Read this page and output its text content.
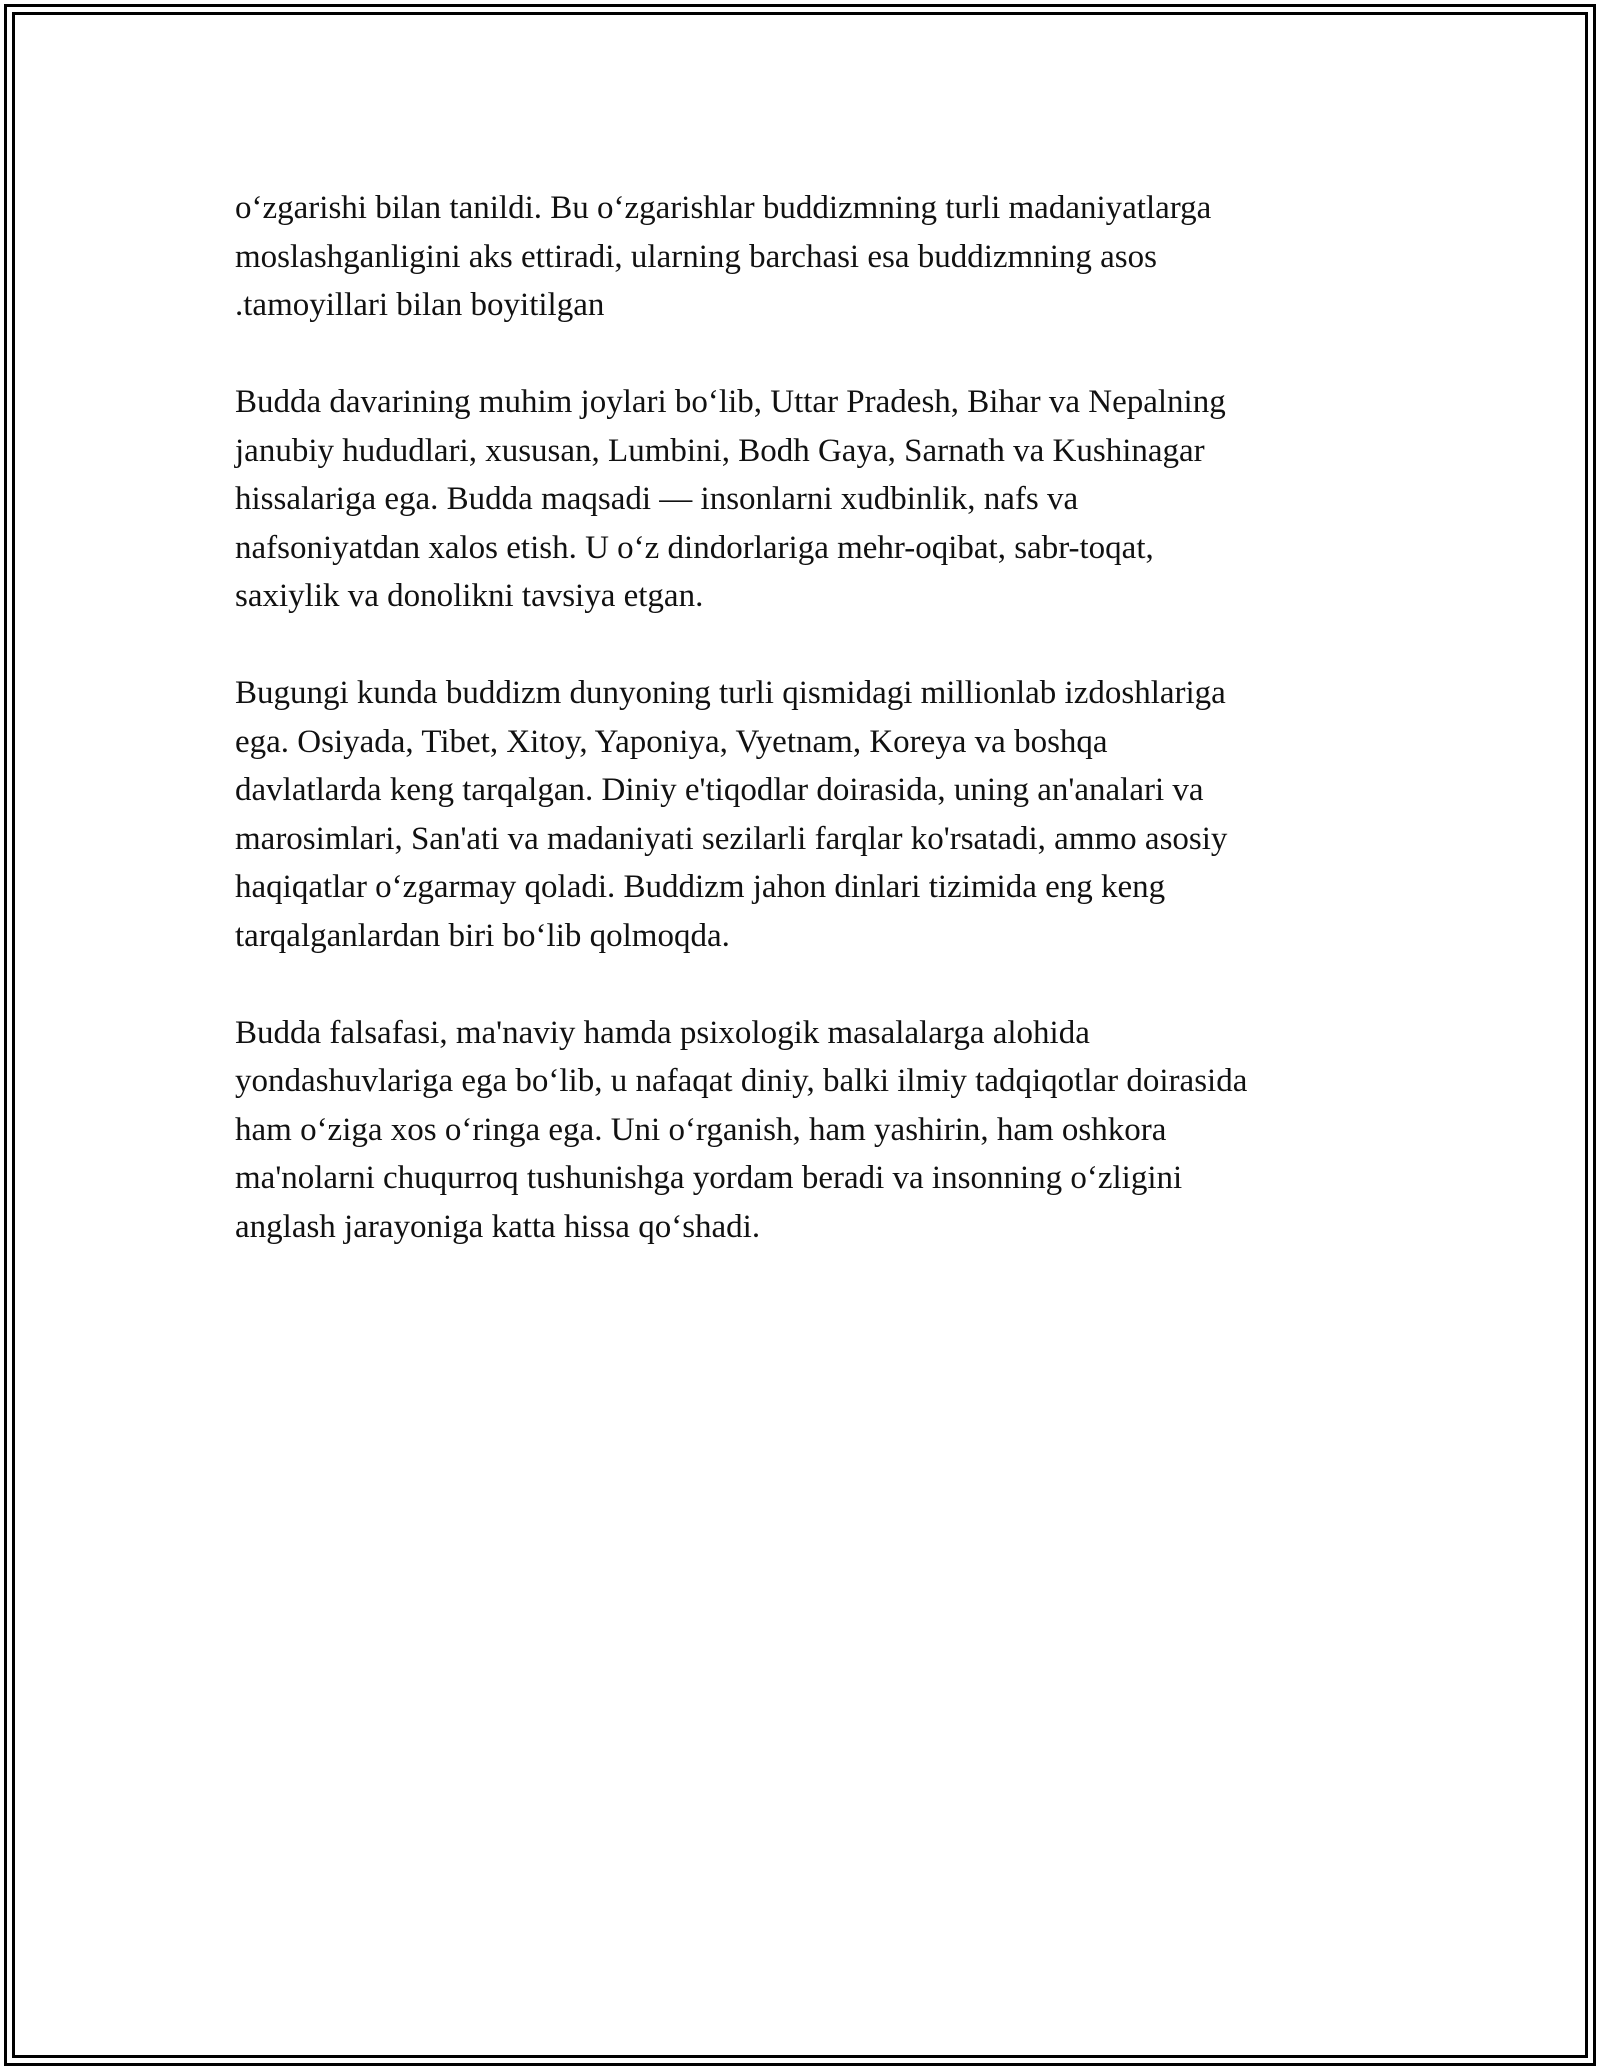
o‘zgarishi bilan tanildi. Bu o‘zgarishlar buddizmning turli madaniyatlarga
moslashganligini aks ettiradi, ularning barchasi esa buddizmning asos
.tamoyillari bilan boyitilgan
Budda davarining muhim joylari bo‘lib, Uttar Pradesh, Bihar va Nepalning
janubiy hududlari, xususan, Lumbini, Bodh Gaya, Sarnath va Kushinagar
hissalariga ega. Budda maqsadi — insonlarni xudbinlik, nafs va
nafsoniyatdan xalos etish. U o‘z dindorlariga mehr-oqibat, sabr-toqat,
saxiylik va donolikni tavsiya etgan.
Bugungi kunda buddizm dunyoning turli qismidagi millionlab izdoshlariga
ega. Osiyada, Tibet, Xitoy, Yaponiya, Vyetnam, Koreya va boshqa
davlatlarda keng tarqalgan. Diniy e'tiqodlar doirasida, uning an'analari va
marosimlari, San'ati va madaniyati sezilarli farqlar ko'rsatadi, ammo asosiy
haqiqatlar o‘zgarmay qoladi. Buddizm jahon dinlari tizimida eng keng
tarqalganlardan biri bo‘lib qolmoqda.
Budda falsafasi, ma'naviy hamda psixologik masalalarga alohida
yondashuvlariga ega bo‘lib, u nafaqat diniy, balki ilmiy tadqiqotlar doirasida
ham o‘ziga xos o‘ringa ega. Uni o‘rganish, ham yashirin, ham oshkora
ma'nolarni chuqurroq tushunishga yordam beradi va insonning o‘zligini
anglash jarayoniga katta hissa qo‘shadi.
